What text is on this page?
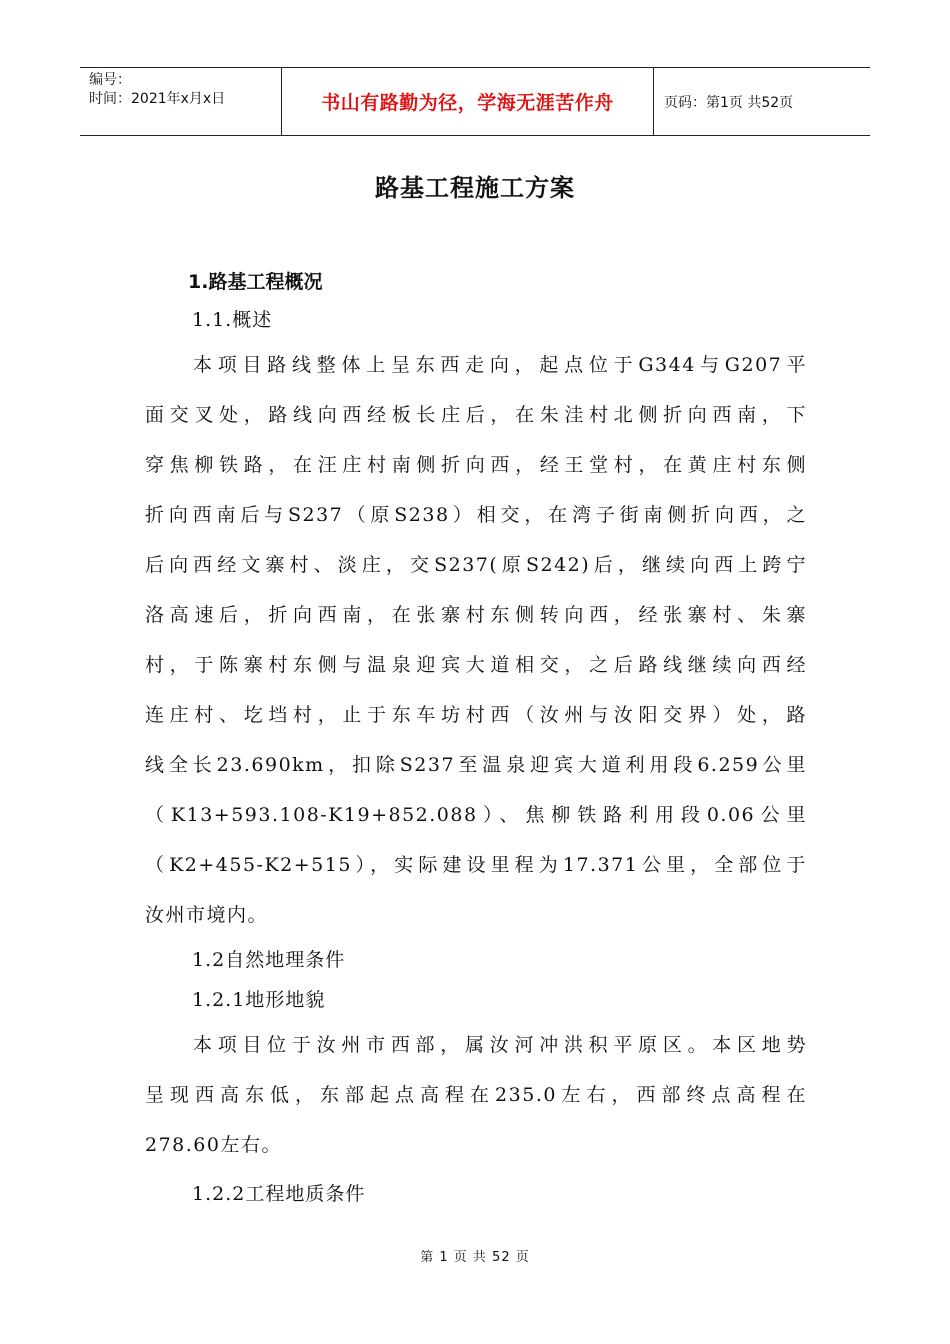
编号：
时间：2021年x月x日	书山有路勤为径，学海无涯苦作舟	页码：第1页 共52页
路基工程施工方案
1.路基工程概况
1.1.概述
本项目路线整体上呈东西走向，起点位于G344与G207平
面交叉处，路线向西经板长庄后，在朱洼村北侧折向西南，下
穿焦柳铁路，在汪庄村南侧折向西，经王堂村，在黄庄村东侧
折向西南后与S237（原S238）相交，在湾子街南侧折向西，之
后向西经文寨村、淡庄，交S237(原S242)后，继续向西上跨宁
洛高速后，折向西南，在张寨村东侧转向西，经张寨村、朱寨
村，于陈寨村东侧与温泉迎宾大道相交，之后路线继续向西经
连庄村、圪垱村，止于东车坊村西（汝州与汝阳交界）处，路
线全长23.690km，扣除S237至温泉迎宾大道利用段6.259公里
（K13+593.108-K19+852.088）、焦柳铁路利用段0.06公里
（K2+455-K2+515），实际建设里程为17.371公里，全部位于
汝州市境内。
1.2自然地理条件
1.2.1地形地貌
本项目位于汝州市西部，属汝河冲洪积平原区。本区地势
呈现西高东低，东部起点高程在235.0左右，西部终点高程在
278.60左右。
1.2.2工程地质条件
第 1 页 共 52 页
